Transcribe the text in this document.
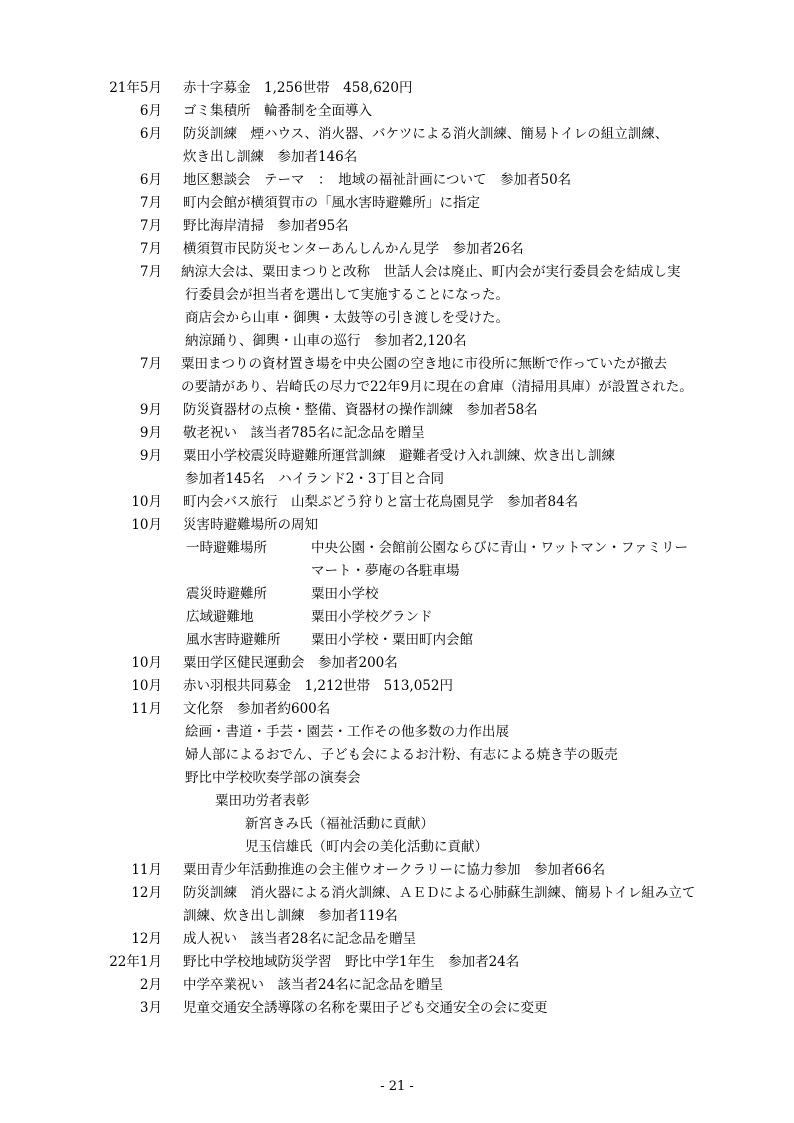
21年5月 赤十字募金　1,256世帯　458,620円
6月 ゴミ集積所　輪番制を全面導入
6月 防災訓練　煙ハウス、消火器、バケツによる消火訓練、簡易トイレの組立訓練、
炊き出し訓練　参加者146名
6月 地区懇談会　テーマ　：　地域の福祉計画について　参加者50名
7月 町内会館が横須賀市の「風水害時避難所」に指定
7月 野比海岸清掃　参加者95名
7月 横須賀市民防災センターあんしんかん見学　参加者26名
7月 納涼大会は、粟田まつりと改称　世話人会は廃止、町内会が実行委員会を結成し実
行委員会が担当者を選出して実施することになった。
商店会から山車・御輿・太鼓等の引き渡しを受けた。
納涼踊り、御輿・山車の巡行　参加者2,120名
7月 粟田まつりの資材置き場を中央公園の空き地に市役所に無断で作っていたが撤去
の要請があり、岩崎氏の尽力で22年9月に現在の倉庫（清掃用具庫）が設置された。
9月 防災資器材の点検・整備、資器材の操作訓練　参加者58名
9月 敬老祝い　該当者785名に記念品を贈呈
9月 粟田小学校震災時避難所運営訓練　避難者受け入れ訓練、炊き出し訓練
参加者145名　ハイランド2・3丁目と合同
10月 町内会バス旅行　山梨ぶどう狩りと富士花鳥園見学　参加者84名
10月 災害時避難場所の周知
一時避難場所	中央公園・会館前公園ならびに青山・ワットマン・ファミリー
マート・夢庵の各駐車場
震災時避難所	粟田小学校
広域避難地	粟田小学校グランド
風水害時避難所 粟田小学校・粟田町内会館
10月 粟田学区健民運動会　参加者200名
10月 赤い羽根共同募金　1,212世帯　513,052円
11月 文化祭　参加者約600名
絵画・書道・手芸・園芸・工作その他多数の力作出展
婦人部によるおでん、子ども会によるお汁粉、有志による焼き芋の販売
野比中学校吹奏学部の演奏会
粟田功労者表彰
新宮きみ氏（福祉活動に貢献）
児玉信雄氏（町内会の美化活動に貢献）
11月 粟田青少年活動推進の会主催ウオークラリーに協力参加　参加者66名
12月 防災訓練　消火器による消火訓練、ＡＥＤによる心肺蘇生訓練、簡易トイレ組み立て
訓練、炊き出し訓練　参加者119名
12月 成人祝い　該当者28名に記念品を贈呈
22年1月 野比中学校地域防災学習　野比中学1年生　参加者24名
2月 中学卒業祝い　該当者24名に記念品を贈呈
3月 児童交通安全誘導隊の名称を粟田子ども交通安全の会に変更
- 21 -
